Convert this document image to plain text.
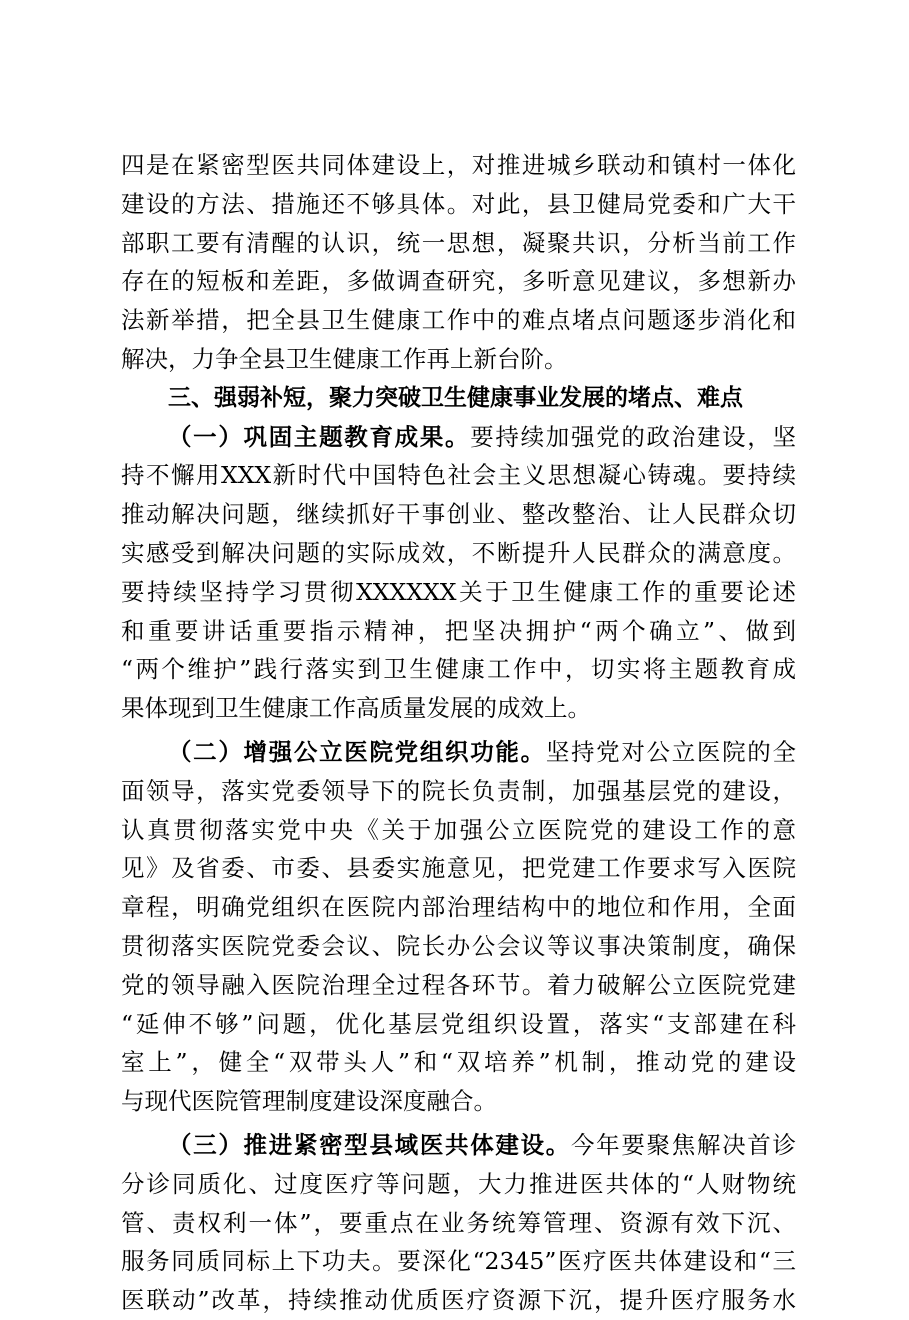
四是在紧密型医共同体建设上，对推进城乡联动和镇村一体化
建设的方法、措施还不够具体。对此，县卫健局党委和广大干
部职工要有清醒的认识，统一思想，凝聚共识，分析当前工作
存在的短板和差距，多做调查研究，多听意见建议，多想新办
法新举措，把全县卫生健康工作中的难点堵点问题逐步消化和
解决，力争全县卫生健康工作再上新台阶。
三、强弱补短，聚力突破卫生健康事业发展的堵点、难点
（一）巩固主题教育成果。要持续加强党的政治建设，坚
持不懈用XXX新时代中国特色社会主义思想凝心铸魂。要持续
推动解决问题，继续抓好干事创业、整改整治、让人民群众切
实感受到解决问题的实际成效，不断提升人民群众的满意度。
要持续坚持学习贯彻XXXXXX关于卫生健康工作的重要论述
和重要讲话重要指示精神，把坚决拥护“两个确立”、做到
“两个维护”践行落实到卫生健康工作中，切实将主题教育成
果体现到卫生健康工作高质量发展的成效上。
（二）增强公立医院党组织功能。坚持党对公立医院的全
面领导，落实党委领导下的院长负责制，加强基层党的建设，
认真贯彻落实党中央《关于加强公立医院党的建设工作的意
见》及省委、市委、县委实施意见，把党建工作要求写入医院
章程，明确党组织在医院内部治理结构中的地位和作用，全面
贯彻落实医院党委会议、院长办公会议等议事决策制度，确保
党的领导融入医院治理全过程各环节。着力破解公立医院党建
“延伸不够”问题，优化基层党组织设置，落实“支部建在科
室上”，健全“双带头人”和“双培养”机制，推动党的建设
与现代医院管理制度建设深度融合。
（三）推进紧密型县域医共体建设。今年要聚焦解决首诊
分诊同质化、过度医疗等问题，大力推进医共体的“人财物统
管、责权利一体”，要重点在业务统筹管理、资源有效下沉、
服务同质同标上下功夫。要深化“2345”医疗医共体建设和“三
医联动”改革，持续推动优质医疗资源下沉，提升医疗服务水
